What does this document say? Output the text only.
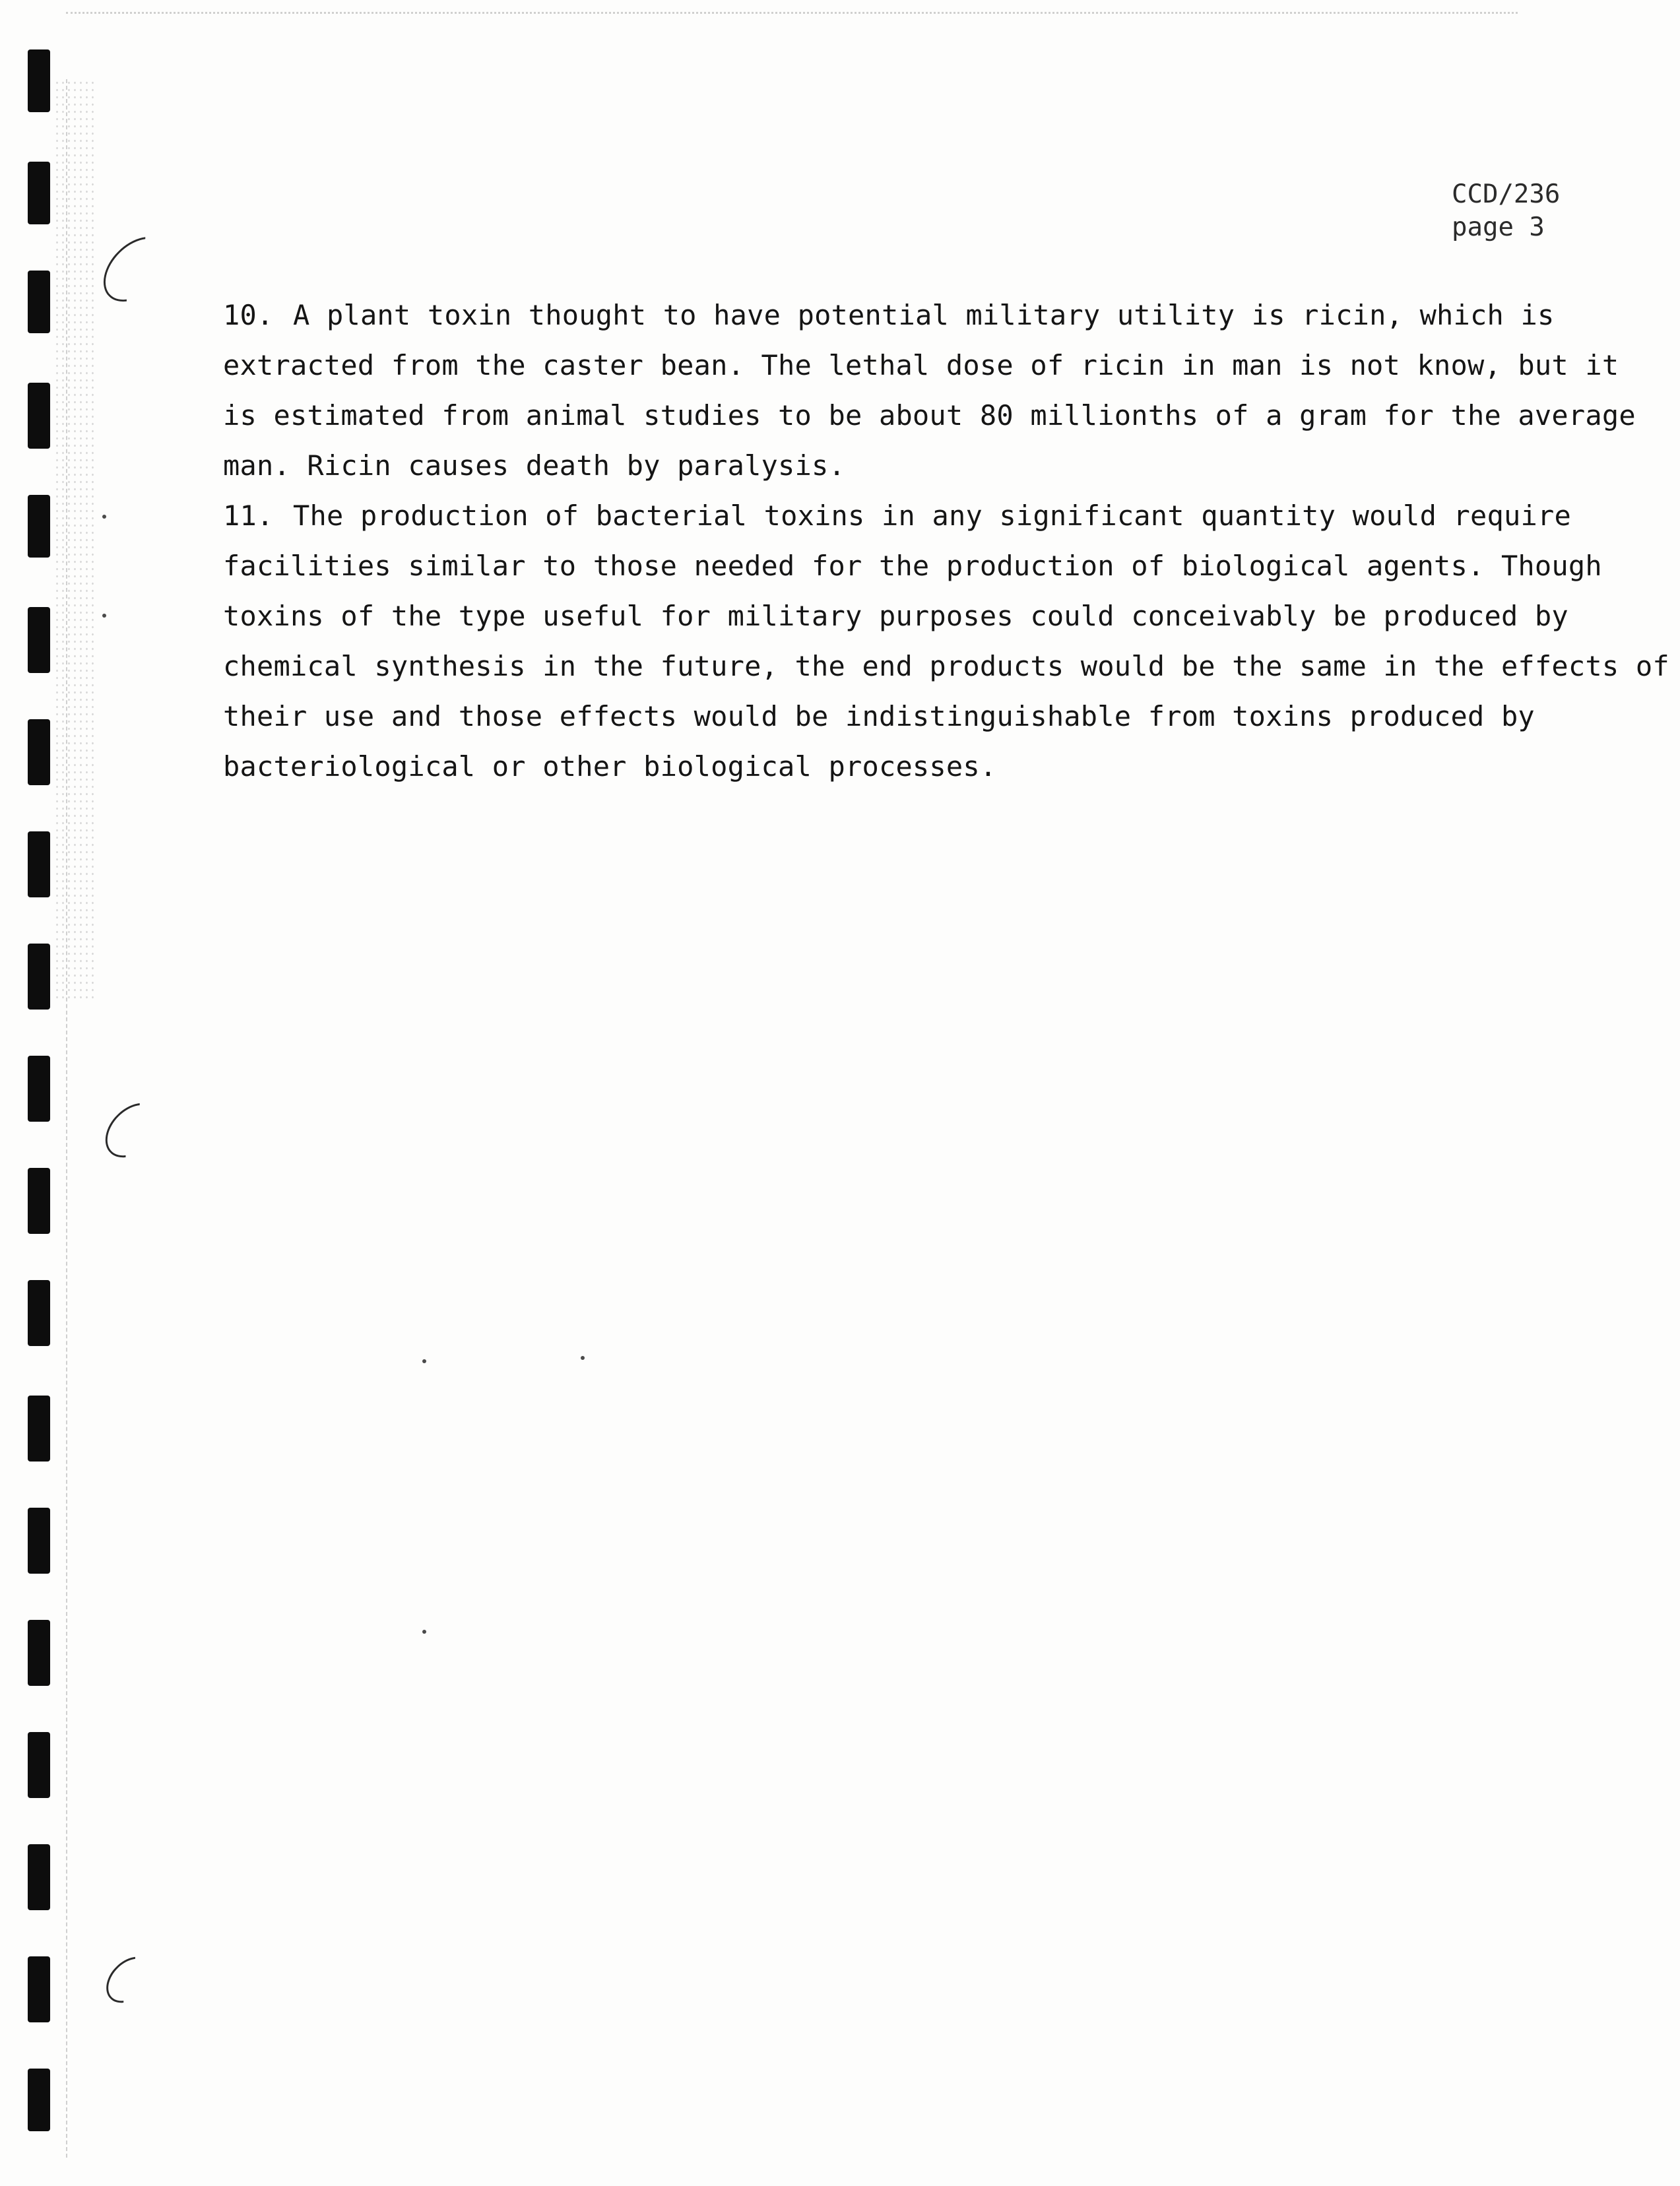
CCD/236
page 3
10. A plant toxin thought to have potential military utility is ricin, which is
extracted from the caster bean. The lethal dose of ricin in man is not know, but it
is estimated from animal studies to be about 80 millionths of a gram for the average
man. Ricin causes death by paralysis.
11. The production of bacterial toxins in any significant quantity would require
facilities similar to those needed for the production of biological agents. Though
toxins of the type useful for military purposes could conceivably be produced by
chemical synthesis in the future, the end products would be the same in the effects of
their use and those effects would be indistinguishable from toxins produced by
bacteriological or other biological processes.
